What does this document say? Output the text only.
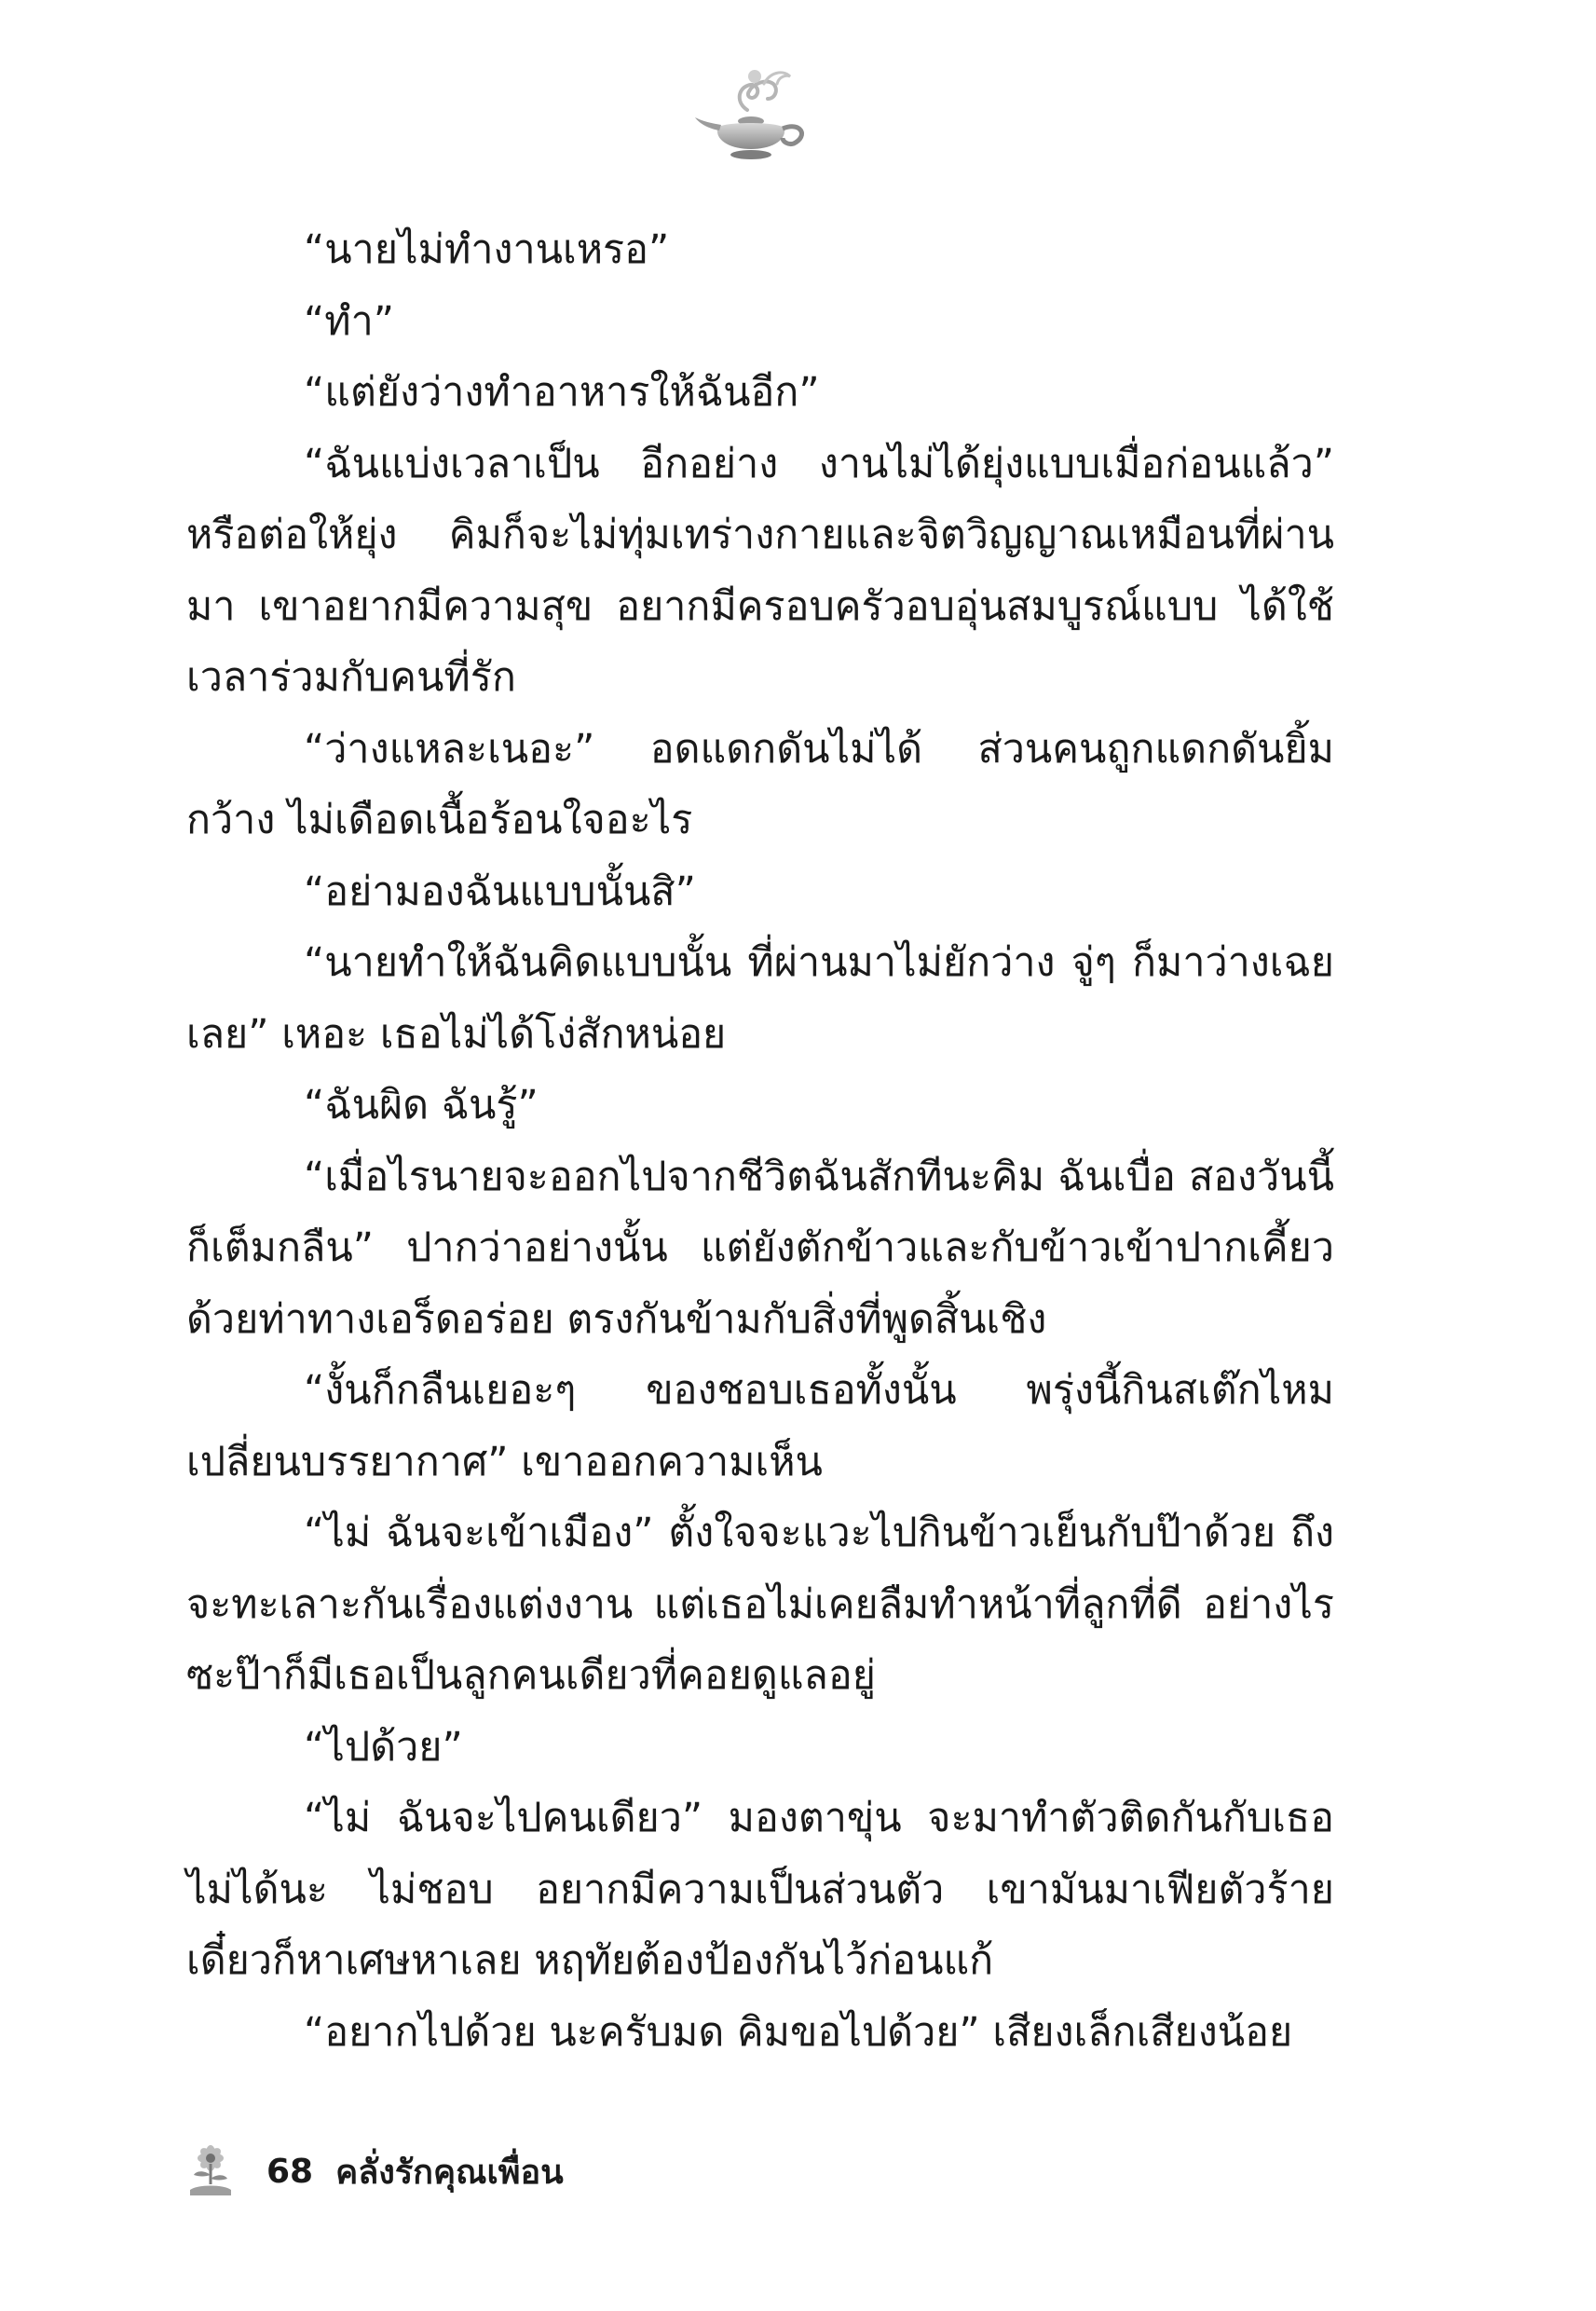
“นายไม่ทำงานเหรอ”

“ทำ”

“แต่ยังว่างทำอาหารให้ฉันอีก”

“ฉันแบ่งเวลาเป็น อีกอย่าง งานไม่ได้ยุ่งแบบเมื่อก่อนแล้ว” หรือต่อให้ยุ่ง คิมก็จะไม่ทุ่มเทร่างกายและจิตวิญญาณเหมือนที่ผ่านมา เขาอยากมีความสุข อยากมีครอบครัวอบอุ่นสมบูรณ์แบบ ได้ใช้เวลาร่วมกับคนที่รัก

“ว่างแหละเนอะ” อดแดกดันไม่ได้ ส่วนคนถูกแดกดันยิ้มกว้าง ไม่เดือดเนื้อร้อนใจอะไร

“อย่ามองฉันแบบนั้นสิ”

“นายทำให้ฉันคิดแบบนั้น ที่ผ่านมาไม่ยักว่าง จู่ๆ ก็มาว่างเฉยเลย” เหอะ เธอไม่ได้โง่สักหน่อย

“ฉันผิด ฉันรู้”

“เมื่อไรนายจะออกไปจากชีวิตฉันสักทีนะคิม ฉันเบื่อ สองวันนี้ก็เต็มกลืน” ปากว่าอย่างนั้น แต่ยังตักข้าวและกับข้าวเข้าปากเคี้ยวด้วยท่าทางเอร็ดอร่อย ตรงกันข้ามกับสิ่งที่พูดสิ้นเชิง

“งั้นก็กลืนเยอะๆ ของชอบเธอทั้งนั้น พรุ่งนี้กินสเต๊กไหม เปลี่ยนบรรยากาศ” เขาออกความเห็น

“ไม่ ฉันจะเข้าเมือง” ตั้งใจจะแวะไปกินข้าวเย็นกับป๊าด้วย ถึงจะทะเลาะกันเรื่องแต่งงาน แต่เธอไม่เคยลืมทำหน้าที่ลูกที่ดี อย่างไรซะป๊าก็มีเธอเป็นลูกคนเดียวที่คอยดูแลอยู่

“ไปด้วย”

“ไม่ ฉันจะไปคนเดียว” มองตาขุ่น จะมาทำตัวติดกันกับเธอไม่ได้นะ ไม่ชอบ อยากมีความเป็นส่วนตัว เขามันมาเฟียตัวร้าย เดี๋ยวก็หาเศษหาเลย หฤทัยต้องป้องกันไว้ก่อนแก้

“อยากไปด้วย นะครับมด คิมขอไปด้วย” เสียงเล็กเสียงน้อย

68 คลั่งรักคุณเพื่อน
